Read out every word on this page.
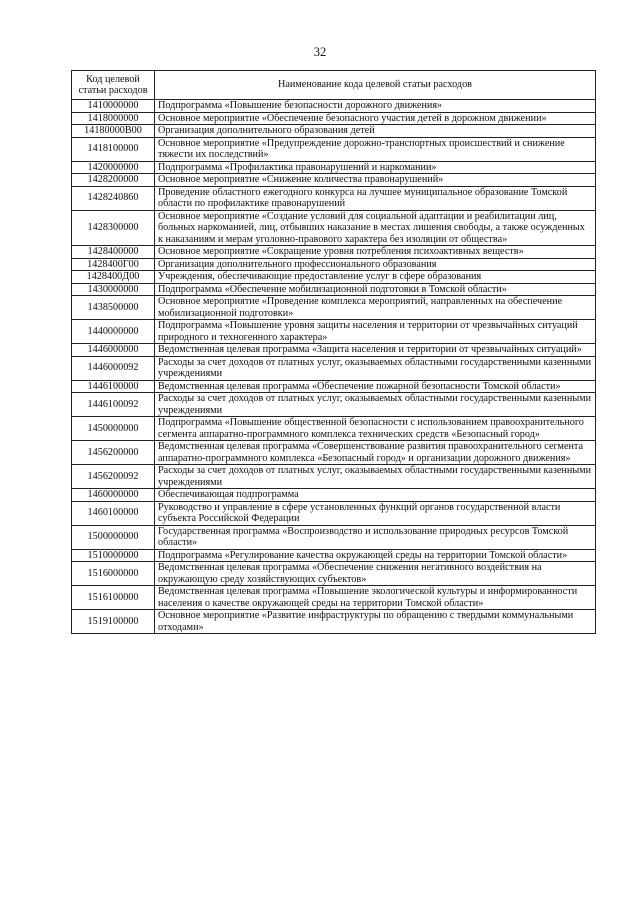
32
Код целевой статьи расходов	Наименование кода целевой статьи расходов
1410000000	Подпрограмма «Повышение безопасности дорожного движения»
1418000000	Основное мероприятие «Обеспечение безопасного участия детей в дорожном движении»
14180000В00	Организация дополнительного образования детей
1418100000	Основное мероприятие «Предупреждение дорожно-транспортных происшествий и снижение тяжести их последствий»
1420000000	Подпрограмма «Профилактика правонарушений и наркомании»
1428200000	Основное мероприятие «Снижение количества правонарушений»
1428240860	Проведение областного ежегодного конкурса на лучшее муниципальное образование Томской области по профилактике правонарушений
1428300000	Основное мероприятие «Создание условий для социальной адаптации и реабилитации лиц, больных наркоманией, лиц, отбывших наказание в местах лишения свободы, а также осужденных к наказаниям и мерам уголовно-правового характера без изоляции от общества»
1428400000	Основное мероприятие «Сокращение уровня потребления психоактивных веществ»
1428400Г00	Организация дополнительного профессионального образования
1428400Д00	Учреждения, обеспечивающие предоставление услуг в сфере образования
1430000000	Подпрограмма «Обеспечение мобилизационной подготовки в Томской области»
1438500000	Основное мероприятие «Проведение комплекса мероприятий, направленных на обеспечение мобилизационной подготовки»
1440000000	Подпрограмма «Повышение уровня защиты населения и территории от чрезвычайных ситуаций природного и техногенного характера»
1446000000	Ведомственная целевая программа «Защита населения и территории от чрезвычайных ситуаций»
1446000092	Расходы за счет доходов от платных услуг, оказываемых областными государственными казенными учреждениями
1446100000	Ведомственная целевая программа «Обеспечение пожарной безопасности Томской области»
1446100092	Расходы за счет доходов от платных услуг, оказываемых областными государственными казенными учреждениями
1450000000	Подпрограмма «Повышение общественной безопасности с использованием правоохранительного сегмента аппаратно-программного комплекса технических средств «Безопасный город»
1456200000	Ведомственная целевая программа «Совершенствование развития правоохранительного сегмента аппаратно-программного комплекса «Безопасный город» и организации дорожного движения»
1456200092	Расходы за счет доходов от платных услуг, оказываемых областными государственными казенными учреждениями
1460000000	Обеспечивающая подпрограмма
1460100000	Руководство и управление в сфере установленных функций органов государственной власти субъекта Российской Федерации
1500000000	Государственная программа «Воспроизводство и использование природных ресурсов Томской области»
1510000000	Подпрограмма «Регулирование качества окружающей среды на территории Томской области»
1516000000	Ведомственная целевая программа «Обеспечение снижения негативного воздействия на окружающую среду хозяйствующих субъектов»
1516100000	Ведомственная целевая программа «Повышение экологической культуры и информированности населения о качестве окружающей среды на территории Томской области»
1519100000	Основное мероприятие «Развитие инфраструктуры по обращению с твердыми коммунальными отходами»
